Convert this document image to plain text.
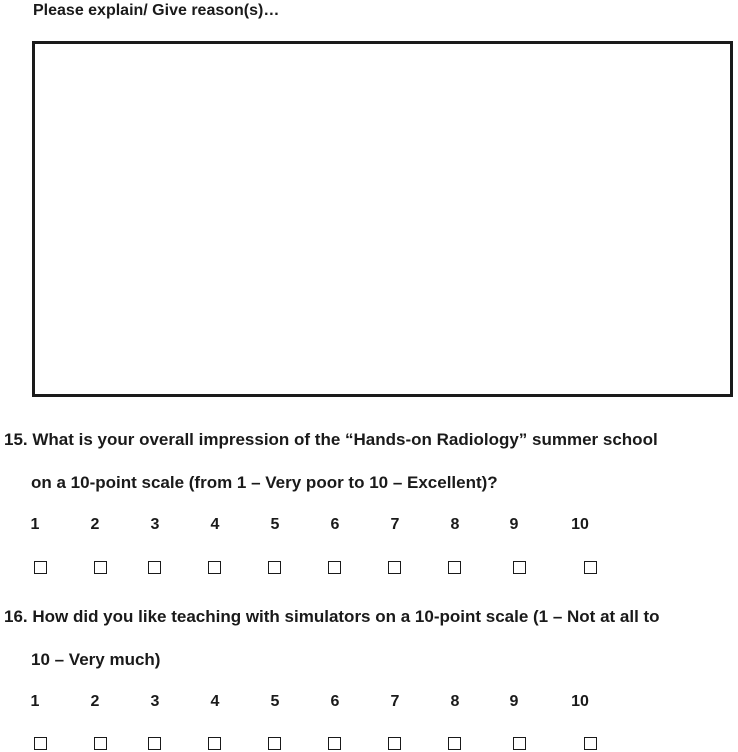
Please explain/ Give reason(s)…
15. What is your overall impression of the “Hands-on Radiology” summer school
on a 10-point scale (from 1 – Very poor to 10 – Excellent)?
1	2	3	4	5	6	7	8	9	10
16. How did you like teaching with simulators on a 10-point scale (1 – Not at all to
10 – Very much)
1	2	3	4	5	6	7	8	9	10
